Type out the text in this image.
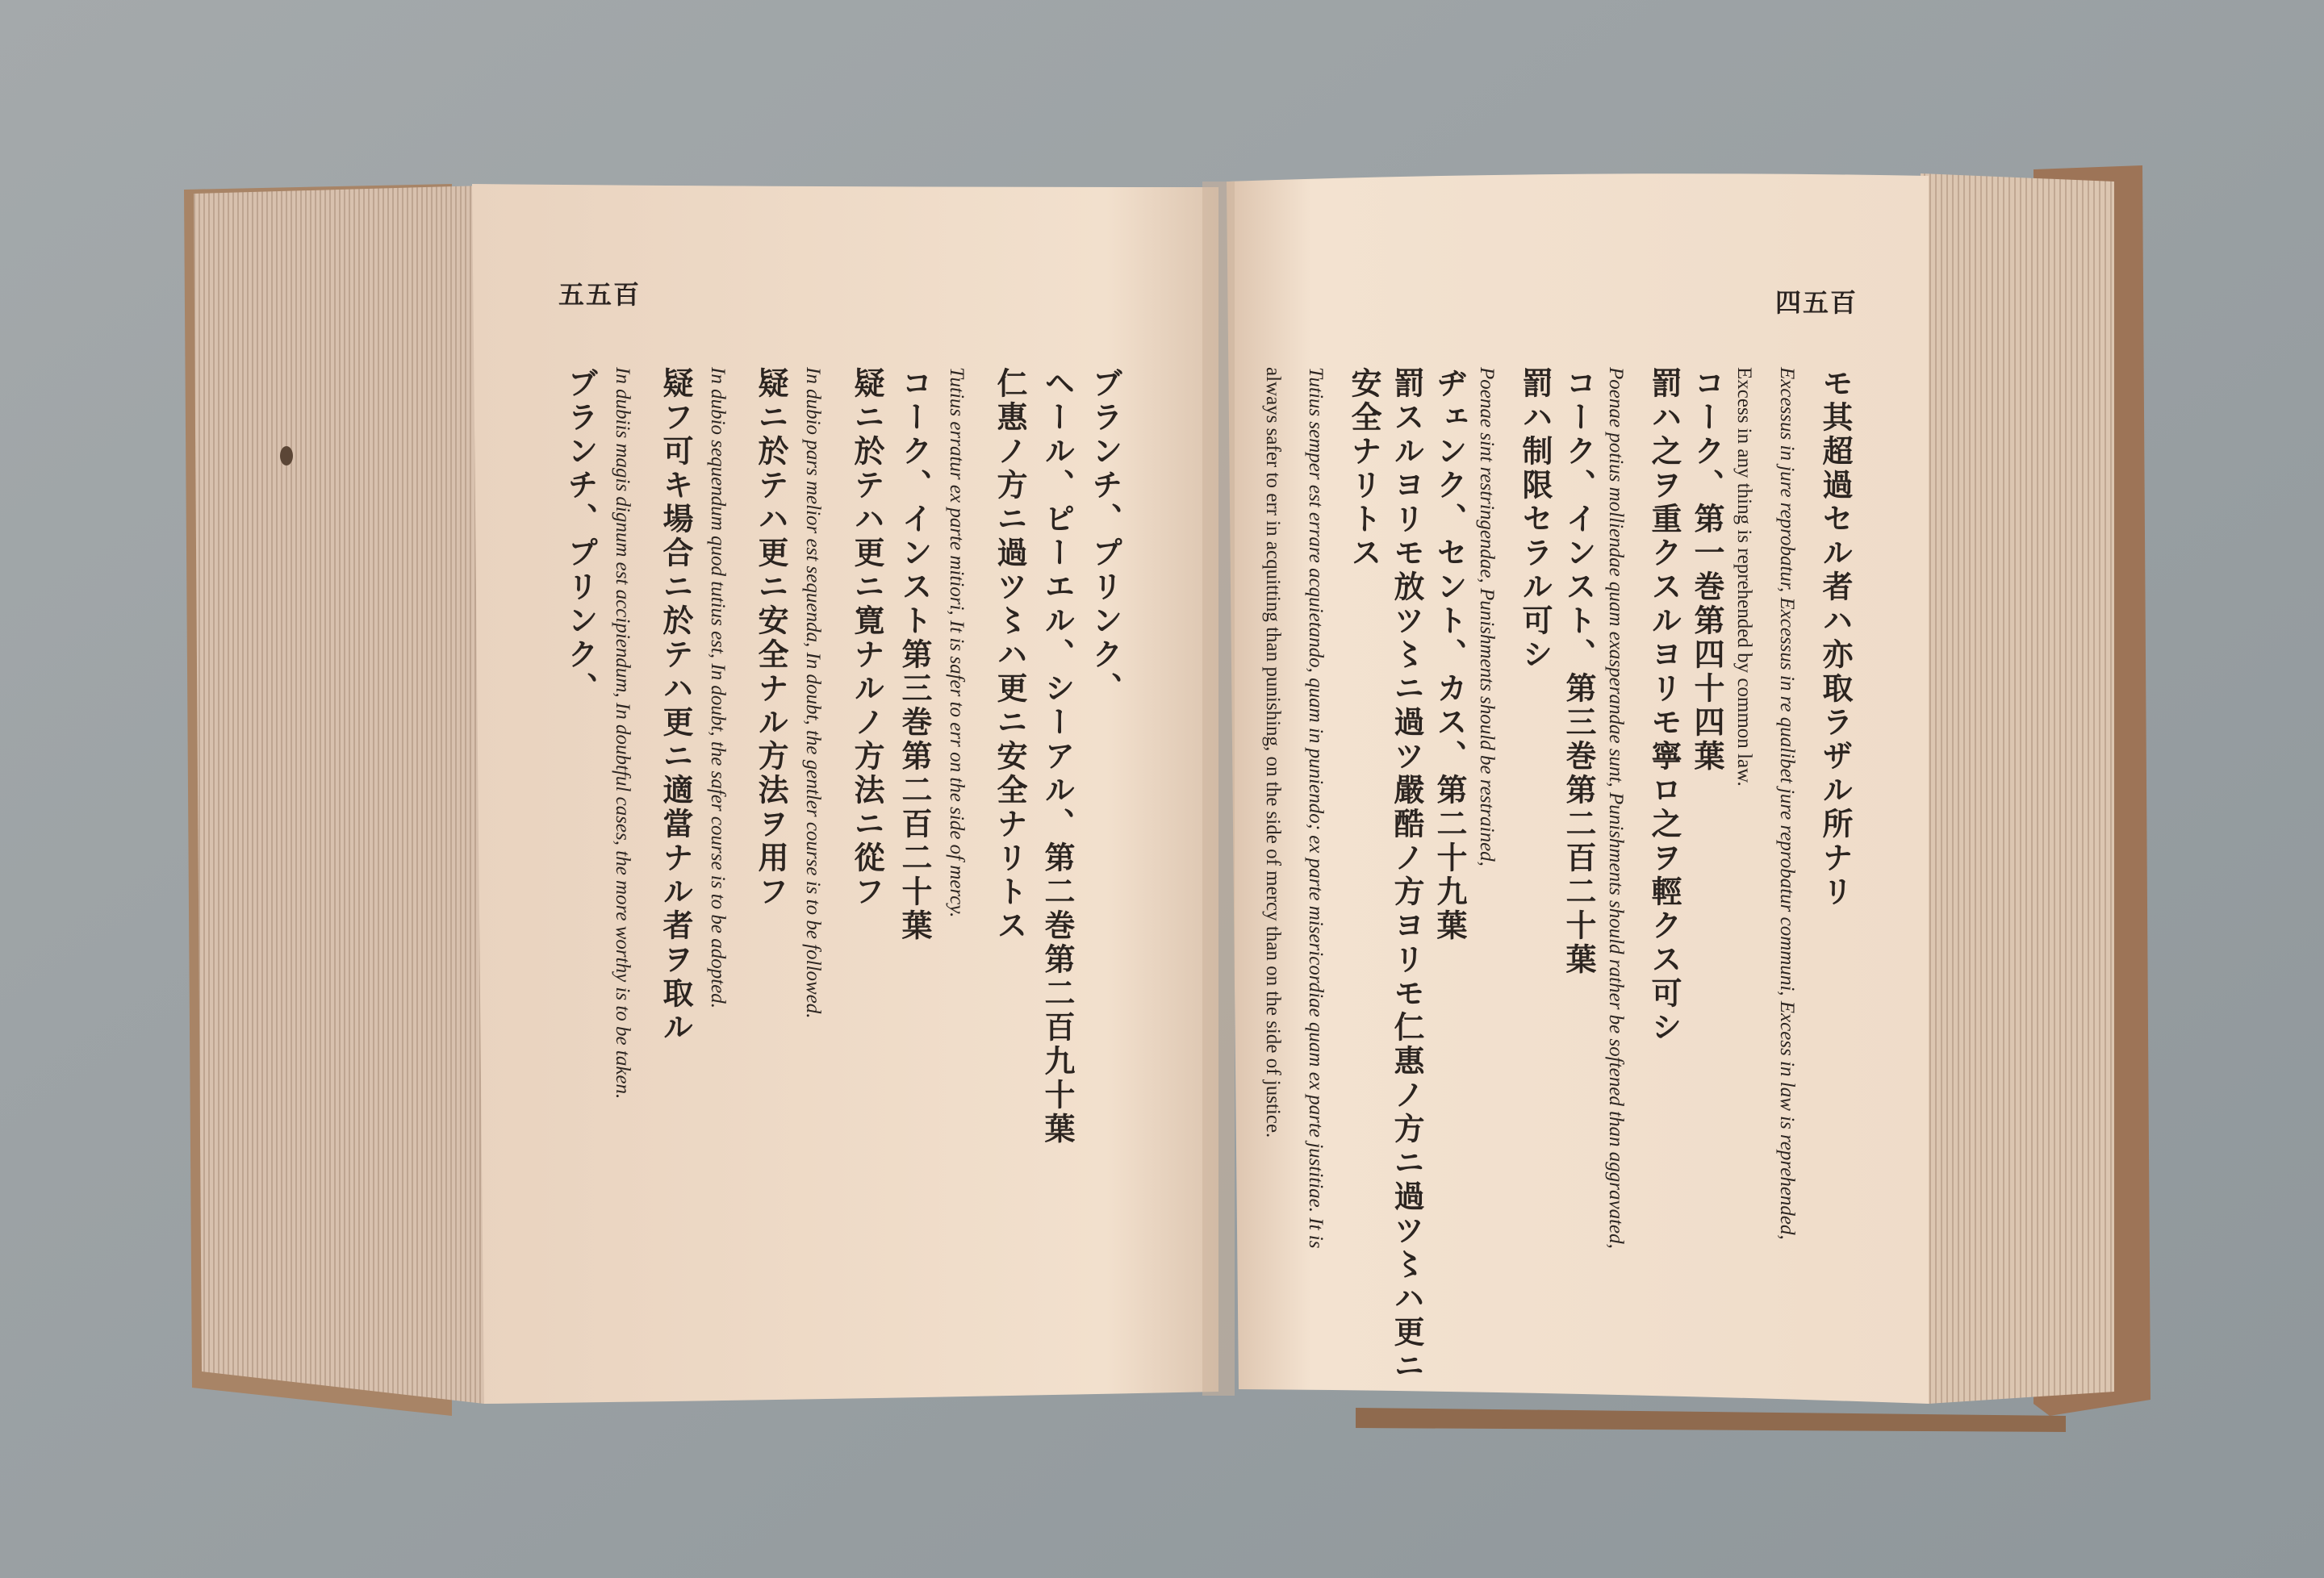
五五百	四五百
ブランチ、プリンク、
ヘール、ピーエル、シーアル、第二巻第二百九十葉
仁惠ノ方ニ過ツ〻ハ更ニ安全ナリトス
Tutius erratur ex parte mitiori, It is safer to err on the side of mercy.
コーク、インスト第三巻第二百二十葉
疑ニ於テハ更ニ寛ナルノ方法ニ從フ
In dubio pars melior est sequenda, In doubt, the gentler course is to be followed.
疑ニ於テハ更ニ安全ナル方法ヲ用フ
In dubio sequendum quod tutius est, In doubt, the safer course is to be adopted.
疑フ可キ場合ニ於テハ更ニ適當ナル者ヲ取ル
In dubiis magis dignum est accipiendum, In doubtful cases, the more worthy is to be taken.
ブランチ、プリンク、	モ其超過セル者ハ亦取ラザル所ナリ
Excessus in jure reprobatur, Excessus in re qualibet jure reprobatur communi, Excess in law is reprehended,
Excess in any thing is reprehended by common law.
コーク、第一巻第四十四葉
罰ハ之ヲ重クスルヨリモ寧ロ之ヲ輕クス可シ
Poenae potius molliendae quam exasperandae sunt, Punishments should rather be softened than aggravated,
コーク、インスト、第三巻第二百二十葉
罰ハ制限セラル可シ
Poenae sint restringendae, Punishments should be restrained,
ヂェンク、セント、カス、第二十九葉
罰スルヨリモ放ツ〻ニ過ツ嚴酷ノ方ヨリモ仁惠ノ方ニ過ツ〻ハ更ニ
安全ナリトス
Tutius semper est errare acquietando, quam in puniendo; ex parte misericordiae quam ex parte justitiae. It is
always safer to err in acquitting than punishing, on the side of mercy than on the side of justice.
